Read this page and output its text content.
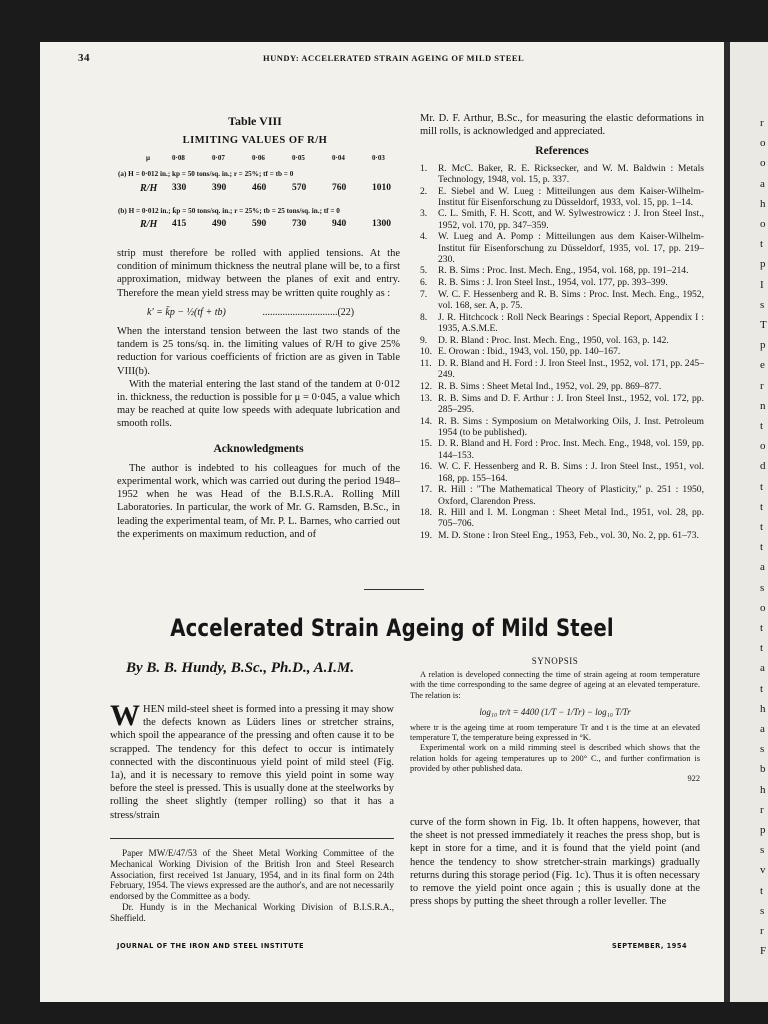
r
o
o
a
h
o
t
p
I
s
T
p
e
r
n
t
o
d
t
t
t
t
a
s
o
t
t
a
t
h
a
s
b
h
r
p
s
v
t
s
r
F
34	HUNDY: ACCELERATED STRAIN AGEING OF MILD STEEL
Table VIII
LIMITING VALUES OF R/H
μ	0·08	0·07	0·06	0·05	0·04	0·03
(a) H = 0·012 in.; kp = 50 tons/sq. in.; r = 25%; tf = tb = 0
R/H 330	390	460	570	760	1010
(b) H = 0·012 in.; k̄p = 50 tons/sq. in.; r = 25%; tb = 25 tons/sq. in.; tf = 0
R/H 415	490	590	730	940	1300

strip must therefore be rolled with applied tensions. At the condition of minimum thickness the neutral plane will be, to a first approximation, midway between the planes of exit and entry. Therefore the mean yield stress may be written quite roughly as :

k′ = k̄p − ½(tf + tb)	..............................(22)

When the interstand tension between the last two stands of the tandem is 25 tons/sq. in. the limiting values of R/H to give 25% reduction for various coefficients of friction are as given in Table VIII(b).

With the material entering the last stand of the tandem at 0·012 in. thickness, the reduction is possible for μ = 0·045, a value which may be reached at quite low speeds with adequate lubrication and smooth rolls.

Acknowledgments

The author is indebted to his colleagues for much of the experimental work, which was carried out during the period 1948–1952 when he was Head of the B.I.S.R.A. Rolling Mill Laboratories. In particular, the work of Mr. G. Ramsden, B.Sc., in leading the experimental team, of Mr. P. L. Barnes, who carried out the experiments on maximum reduction, and of

Mr. D. F. Arthur, B.Sc., for measuring the elastic deformations in mill rolls, is acknowledged and appreciated.

References
1. R. McC. Baker, R. E. Ricksecker, and W. M. Baldwin : Metals Technology, 1948, vol. 15, p. 337.
2. E. Siebel and W. Lueg : Mitteilungen aus dem Kaiser-Wilhelm-Institut für Eisenforschung zu Düsseldorf, 1933, vol. 15, pp. 1–14.
3. C. L. Smith, F. H. Scott, and W. Sylwestrowicz : J. Iron Steel Inst., 1952, vol. 170, pp. 347–359.
4. W. Lueg and A. Pomp : Mitteilungen aus dem Kaiser-Wilhelm-Institut für Eisenforschung zu Düsseldorf, 1935, vol. 17, pp. 219–230.
5. R. B. Sims : Proc. Inst. Mech. Eng., 1954, vol. 168, pp. 191–214.
6. R. B. Sims : J. Iron Steel Inst., 1954, vol. 177, pp. 393–399.
7. W. C. F. Hessenberg and R. B. Sims : Proc. Inst. Mech. Eng., 1952, vol. 168, ser. A, p. 75.
8. J. R. Hitchcock : Roll Neck Bearings : Special Report, Appendix I : 1935, A.S.M.E.
9. D. R. Bland : Proc. Inst. Mech. Eng., 1950, vol. 163, p. 142.
10. E. Orowan : Ibid., 1943, vol. 150, pp. 140–167.
11. D. R. Bland and H. Ford : J. Iron Steel Inst., 1952, vol. 171, pp. 245–249.
12. R. B. Sims : Sheet Metal Ind., 1952, vol. 29, pp. 869–877.
13. R. B. Sims and D. F. Arthur : J. Iron Steel Inst., 1952, vol. 172, pp. 285–295.
14. R. B. Sims : Symposium on Metalworking Oils, J. Inst. Petroleum 1954 (to be published).
15. D. R. Bland and H. Ford : Proc. Inst. Mech. Eng., 1948, vol. 159, pp. 144–153.
16. W. C. F. Hessenberg and R. B. Sims : J. Iron Steel Inst., 1951, vol. 168, pp. 155–164.
17. R. Hill : "The Mathematical Theory of Plasticity," p. 251 : 1950, Oxford, Clarendon Press.
18. R. Hill and I. M. Longman : Sheet Metal Ind., 1951, vol. 28, pp. 705–706.
19. M. D. Stone : Iron Steel Eng., 1953, Feb., vol. 30, No. 2, pp. 61–73.
Accelerated Strain Ageing of Mild Steel
By B. B. Hundy, B.Sc., Ph.D., A.I.M.
W HEN mild-steel sheet is formed into a pressing it may show the defects known as Lüders lines or stretcher strains, which spoil the appearance of the pressing and often cause it to be scrapped. The tendency for this defect to occur is intimately connected with the discontinuous yield point of mild steel (Fig. 1a), and it is necessary to remove this yield point in some way before the steel is pressed. This is usually done at the steelworks by rolling the sheet slightly (temper rolling) so that it has a stress/strain

Paper MW/E/47/53 of the Sheet Metal Working Committee of the Mechanical Working Division of the British Iron and Steel Research Association, first received 1st January, 1954, and in its final form on 24th February, 1954. The views expressed are the author's, and are not necessarily endorsed by the Committee as a body.

Dr. Hundy is in the Mechanical Working Division of B.I.S.R.A., Sheffield.

SYNOPSIS

A relation is developed connecting the time of strain ageing at room temperature with the time corresponding to the same degree of ageing at an elevated temperature. The relation is:

log₁₀ tr/t = 4400 (1/T − 1/Tr) − log₁₀ T/Tr

where tr is the ageing time at room temperature Tr and t is the time at an elevated temperature T, the temperature being expressed in °K.

Experimental work on a mild rimming steel is described which shows that the relation holds for ageing temperatures up to 200° C., and further confirmation is provided by other published data.

922

curve of the form shown in Fig. 1b. It often happens, however, that the sheet is not pressed immediately it reaches the press shop, but is kept in store for a time, and it is found that the yield point (and hence the tendency to show stretcher-strain markings) gradually returns during this storage period (Fig. 1c). Thus it is often necessary to remove the yield point once again ; this is usually done at the press shops by putting the sheet through a roller leveller. The

JOURNAL OF THE IRON AND STEEL INSTITUTE	SEPTEMBER, 1954
